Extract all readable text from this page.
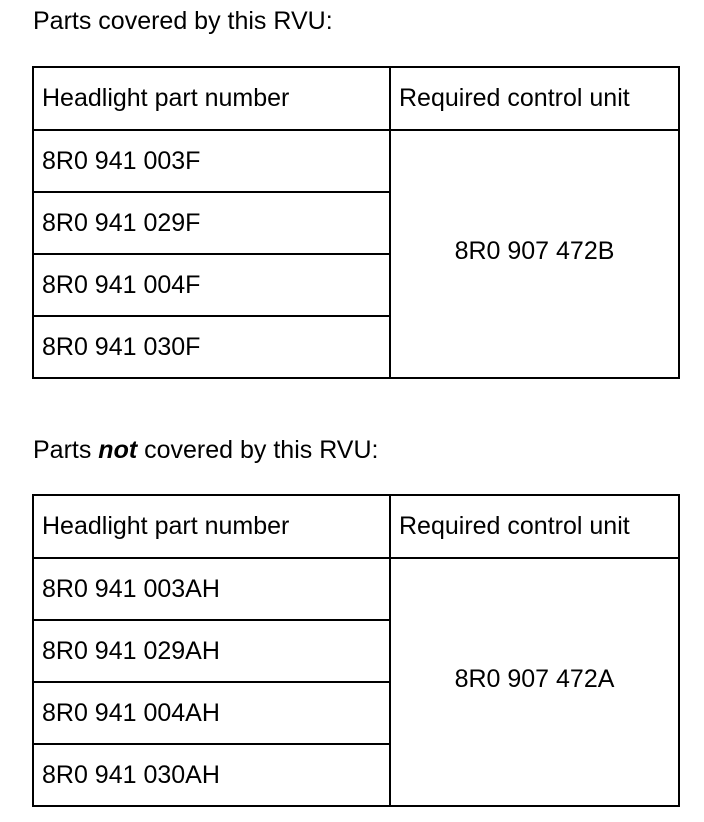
Parts covered by this RVU:
Headlight part number	Required control unit
8R0 941 003F	8R0 907 472B
8R0 941 029F	
8R0 941 004F	
8R0 941 030F	
Parts not covered by this RVU:
Headlight part number	Required control unit
8R0 941 003AH	8R0 907 472A
8R0 941 029AH	
8R0 941 004AH	
8R0 941 030AH	
